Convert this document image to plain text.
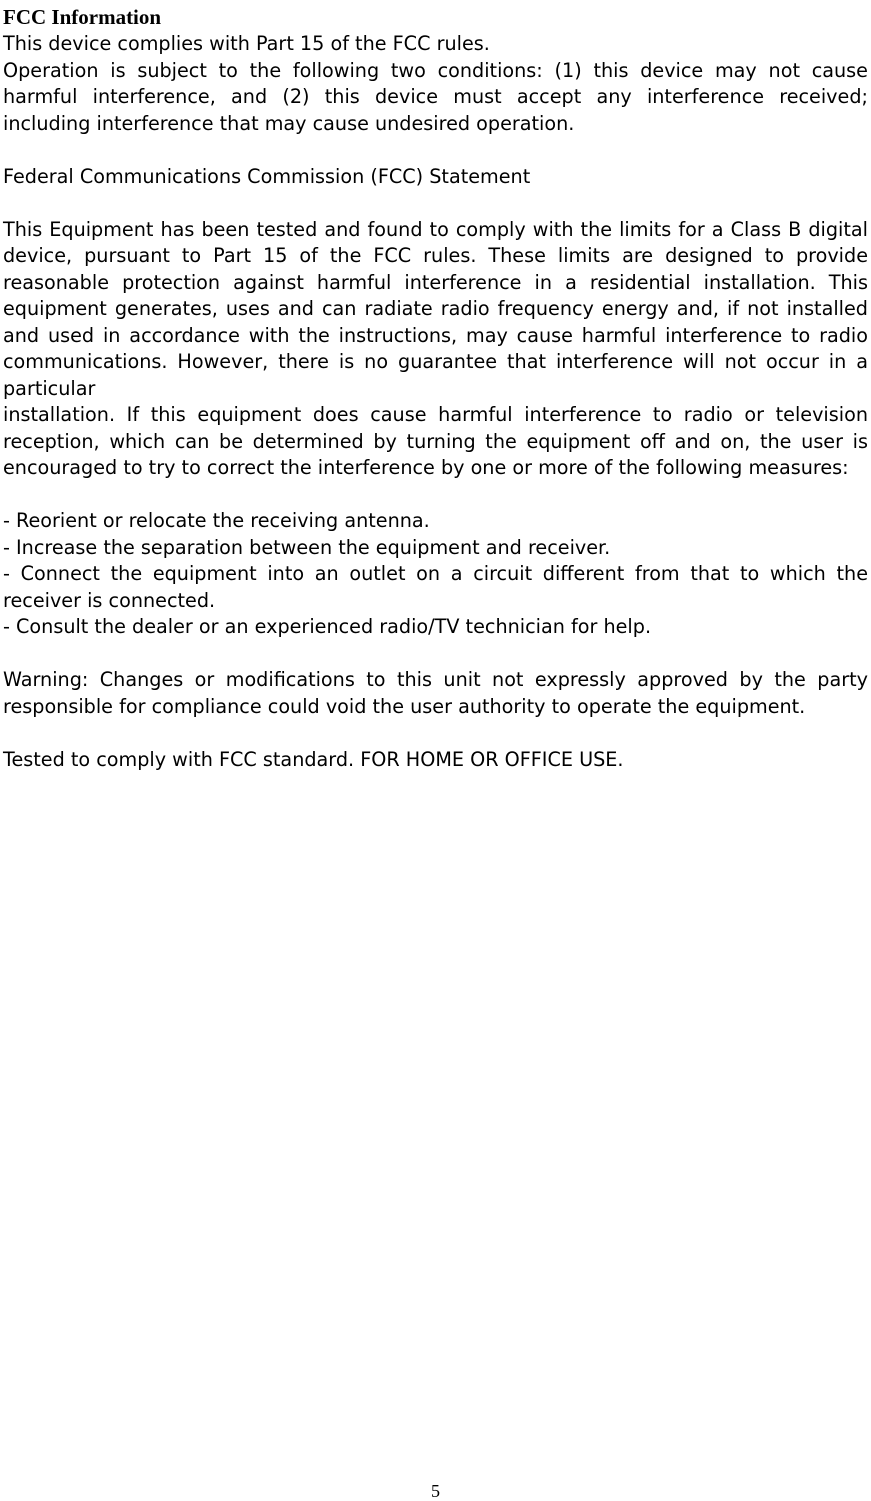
FCC Information

This device complies with Part 15 of the FCC rules.

Operation is subject to the following two conditions: (1) this device may not cause harmful interference, and (2) this device must accept any interference received; including interference that may cause undesired operation.

Federal Communications Commission (FCC) Statement

This Equipment has been tested and found to comply with the limits for a Class B digital device, pursuant to Part 15 of the FCC rules. These limits are designed to provide reasonable protection against harmful interference in a residential installation. This equipment generates, uses and can radiate radio frequency energy and, if not installed and used in accordance with the instructions, may cause harmful interference to radio communications. However, there is no guarantee that interference will not occur in a particular

installation. If this equipment does cause harmful interference to radio or television reception, which can be determined by turning the equipment off and on, the user is encouraged to try to correct the interference by one or more of the following measures:

- Reorient or relocate the receiving antenna.
- Increase the separation between the equipment and receiver.
- Connect the equipment into an outlet on a circuit different from that to which the receiver is connected.
- Consult the dealer or an experienced radio/TV technician for help.

Warning: Changes or modifications to this unit not expressly approved by the party responsible for compliance could void the user authority to operate the equipment.

Tested to comply with FCC standard. FOR HOME OR OFFICE USE.

5
